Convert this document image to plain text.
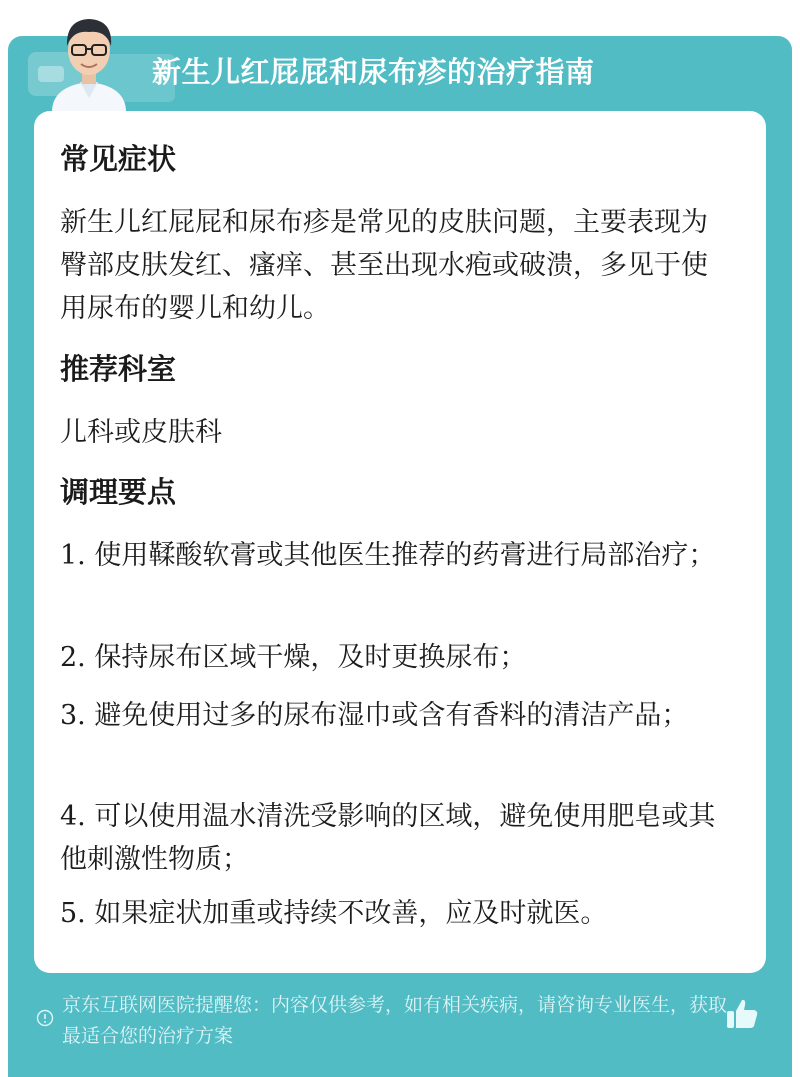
新生儿红屁屁和尿布疹的治疗指南
常见症状

新生儿红屁屁和尿布疹是常见的皮肤问题，主要表现为臀部皮肤发红、瘙痒、甚至出现水疱或破溃，多见于使用尿布的婴儿和幼儿。

推荐科室

儿科或皮肤科

调理要点

1. 使用鞣酸软膏或其他医生推荐的药膏进行局部治疗；

2. 保持尿布区域干燥，及时更换尿布；

3. 避免使用过多的尿布湿巾或含有香料的清洁产品；

4. 可以使用温水清洗受影响的区域，避免使用肥皂或其他刺激性物质；

5. 如果症状加重或持续不改善，应及时就医。

京东互联网医院提醒您：内容仅供参考，如有相关疾病，请咨询专业医生，获取最适合您的治疗方案
